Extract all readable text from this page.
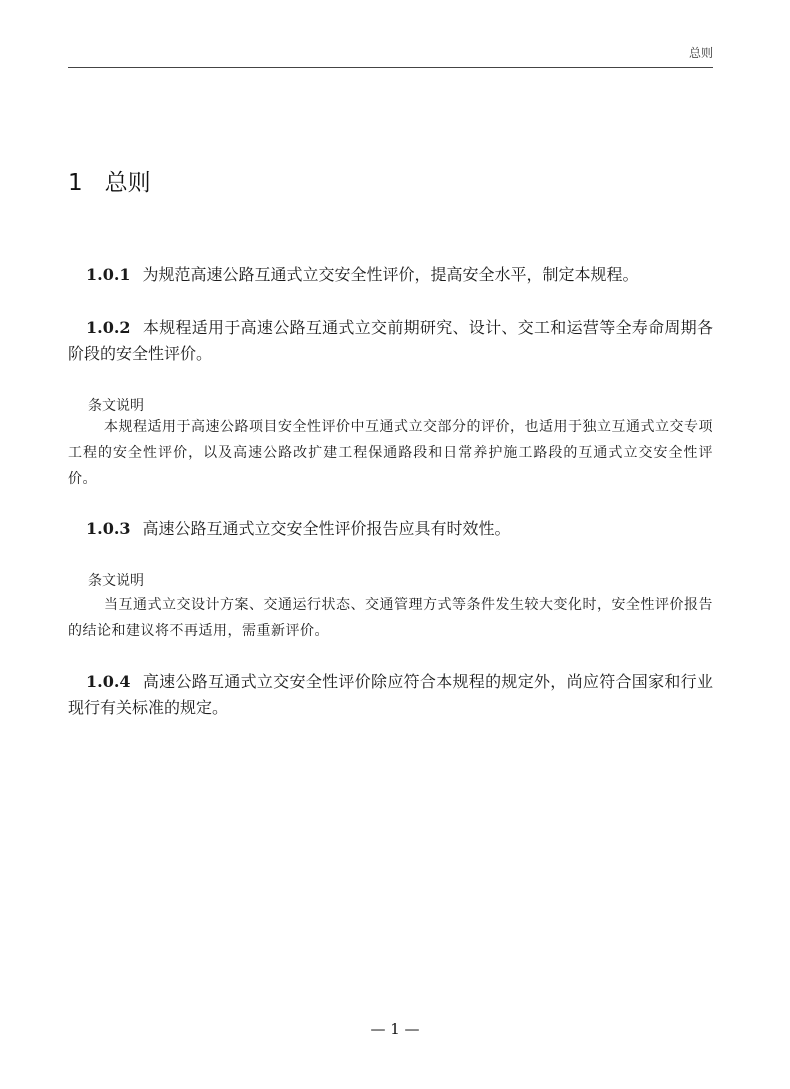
总则
1 总则

1.0.1 为规范高速公路互通式立交安全性评价，提高安全水平，制定本规程。

1.0.2 本规程适用于高速公路互通式立交前期研究、设计、交工和运营等全寿命周期各阶段的安全性评价。

条文说明

本规程适用于高速公路项目安全性评价中互通式立交部分的评价，也适用于独立互通式立交专项工程的安全性评价，以及高速公路改扩建工程保通路段和日常养护施工路段的互通式立交安全性评价。

1.0.3 高速公路互通式立交安全性评价报告应具有时效性。

条文说明

当互通式立交设计方案、交通运行状态、交通管理方式等条件发生较大变化时，安全性评价报告的结论和建议将不再适用，需重新评价。

1.0.4 高速公路互通式立交安全性评价除应符合本规程的规定外，尚应符合国家和行业现行有关标准的规定。

— 1 —
